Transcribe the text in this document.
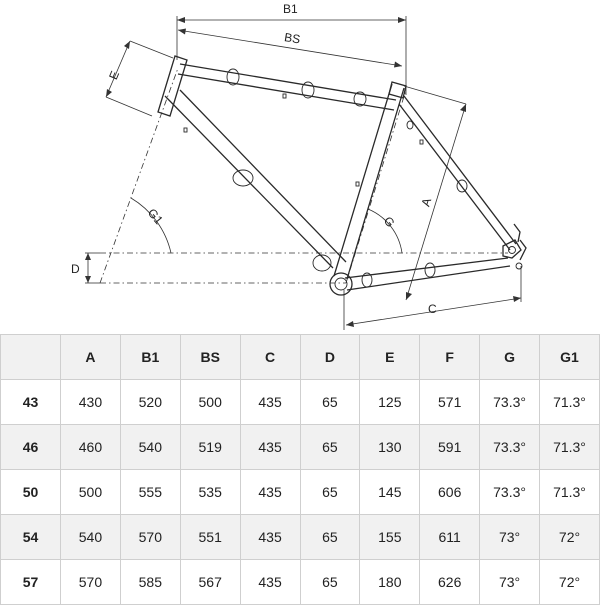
B1
BS
E
A
C
D
G1	G
	A	B1	BS	C	D	E	F	G	G1
43	430	520	500	435	65	125	571	73.3°	71.3°
46	460	540	519	435	65	130	591	73.3°	71.3°
50	500	555	535	435	65	145	606	73.3°	71.3°
54	540	570	551	435	65	155	611	73°	72°
57	570	585	567	435	65	180	626	73°	72°
